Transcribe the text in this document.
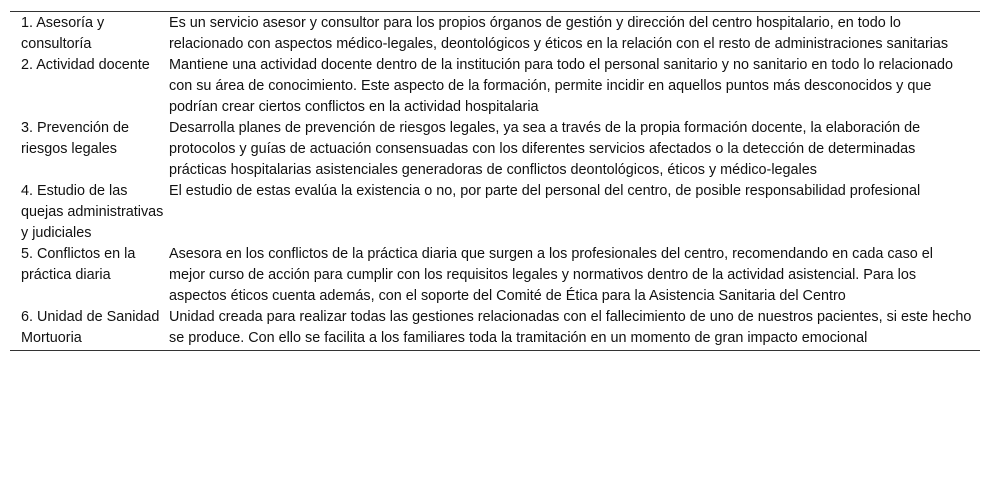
1. Asesoría y consultoría	Es un servicio asesor y consultor para los propios órganos de gestión y dirección del centro hospitalario, en todo lo relacionado con aspectos médico-legales, deontológicos y éticos en la relación con el resto de administraciones sanitarias
2. Actividad docente	Mantiene una actividad docente dentro de la institución para todo el personal sanitario y no sanitario en todo lo relacionado con su área de conocimiento. Este aspecto de la formación, permite incidir en aquellos puntos más desconocidos y que podrían crear ciertos conflictos en la actividad hospitalaria
3. Prevención de riesgos legales	Desarrolla planes de prevención de riesgos legales, ya sea a través de la propia formación docente, la elaboración de protocolos y guías de actuación consensuadas con los diferentes servicios afectados o la detección de determinadas prácticas hospitalarias asistenciales generadoras de conflictos deontológicos, éticos y médico-legales
4. Estudio de las quejas administrativas y judiciales	El estudio de estas evalúa la existencia o no, por parte del personal del centro, de posible responsabilidad profesional
5. Conflictos en la práctica diaria	Asesora en los conflictos de la práctica diaria que surgen a los profesionales del centro, recomendando en cada caso el mejor curso de acción para cumplir con los requisitos legales y normativos dentro de la actividad asistencial. Para los aspectos éticos cuenta además, con el soporte del Comité de Ética para la Asistencia Sanitaria del Centro
6. Unidad de Sanidad Mortuoria	Unidad creada para realizar todas las gestiones relacionadas con el fallecimiento de uno de nuestros pacientes, si este hecho se produce. Con ello se facilita a los familiares toda la tramitación en un momento de gran impacto emocional
